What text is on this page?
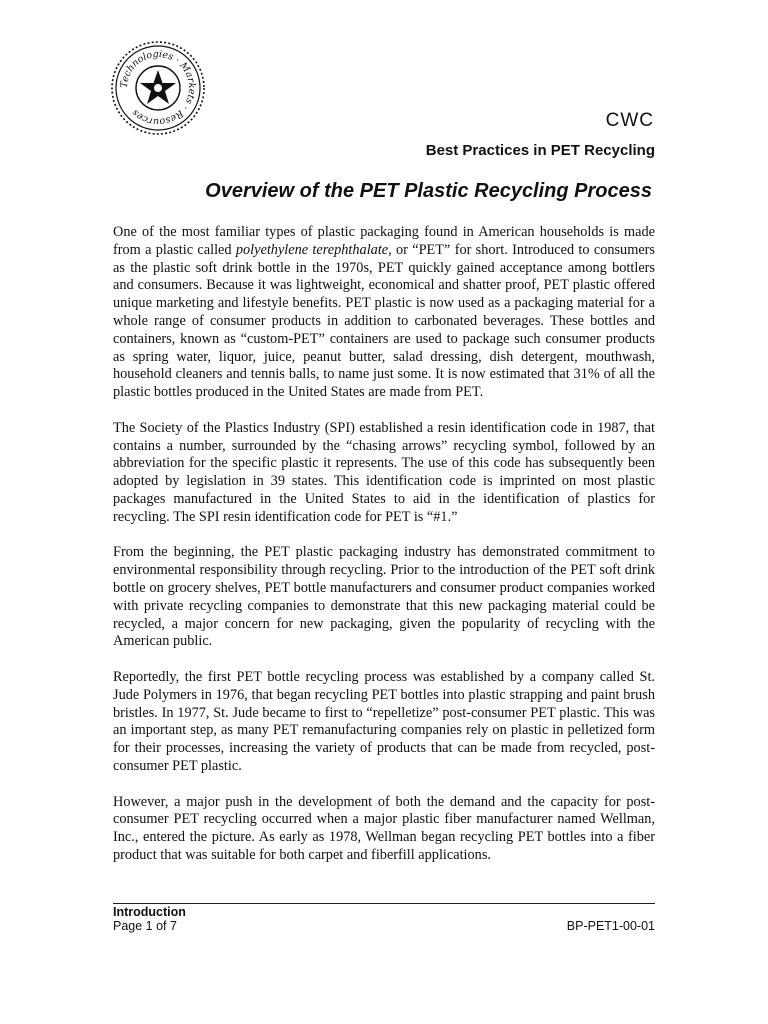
Technologies · Markets · Resources	CWC
Best Practices in PET Recycling
Overview of the PET Plastic Recycling Process

One of the most familiar types of plastic packaging found in American households is made from a plastic called polyethylene terephthalate, or “PET” for short. Introduced to consumers as the plastic soft drink bottle in the 1970s, PET quickly gained acceptance among bottlers and consumers. Because it was lightweight, economical and shatter proof, PET plastic offered unique marketing and lifestyle benefits. PET plastic is now used as a packaging material for a whole range of consumer products in addition to carbonated beverages. These bottles and containers, known as “custom-PET” containers are used to package such consumer products as spring water, liquor, juice, peanut butter, salad dressing, dish detergent, mouthwash, household cleaners and tennis balls, to name just some. It is now estimated that 31% of all the plastic bottles produced in the United States are made from PET.

The Society of the Plastics Industry (SPI) established a resin identification code in 1987, that contains a number, surrounded by the “chasing arrows” recycling symbol, followed by an abbreviation for the specific plastic it represents. The use of this code has subsequently been adopted by legislation in 39 states. This identification code is imprinted on most plastic packages manufactured in the United States to aid in the identification of plastics for recycling. The SPI resin identification code for PET is “#1.”

From the beginning, the PET plastic packaging industry has demonstrated commitment to environmental responsibility through recycling. Prior to the introduction of the PET soft drink bottle on grocery shelves, PET bottle manufacturers and consumer product companies worked with private recycling companies to demonstrate that this new packaging material could be recycled, a major concern for new packaging, given the popularity of recycling with the American public.

Reportedly, the first PET bottle recycling process was established by a company called St. Jude Polymers in 1976, that began recycling PET bottles into plastic strapping and paint brush bristles. In 1977, St. Jude became to first to “repelletize” post-consumer PET plastic. This was an important step, as many PET remanufacturing companies rely on plastic in pelletized form for their processes, increasing the variety of products that can be made from recycled, post-consumer PET plastic.

However, a major push in the development of both the demand and the capacity for post-consumer PET recycling occurred when a major plastic fiber manufacturer named Wellman, Inc., entered the picture. As early as 1978, Wellman began recycling PET bottles into a fiber product that was suitable for both carpet and fiberfill applications.

Introduction
Page 1 of 7	BP-PET1-00-01
